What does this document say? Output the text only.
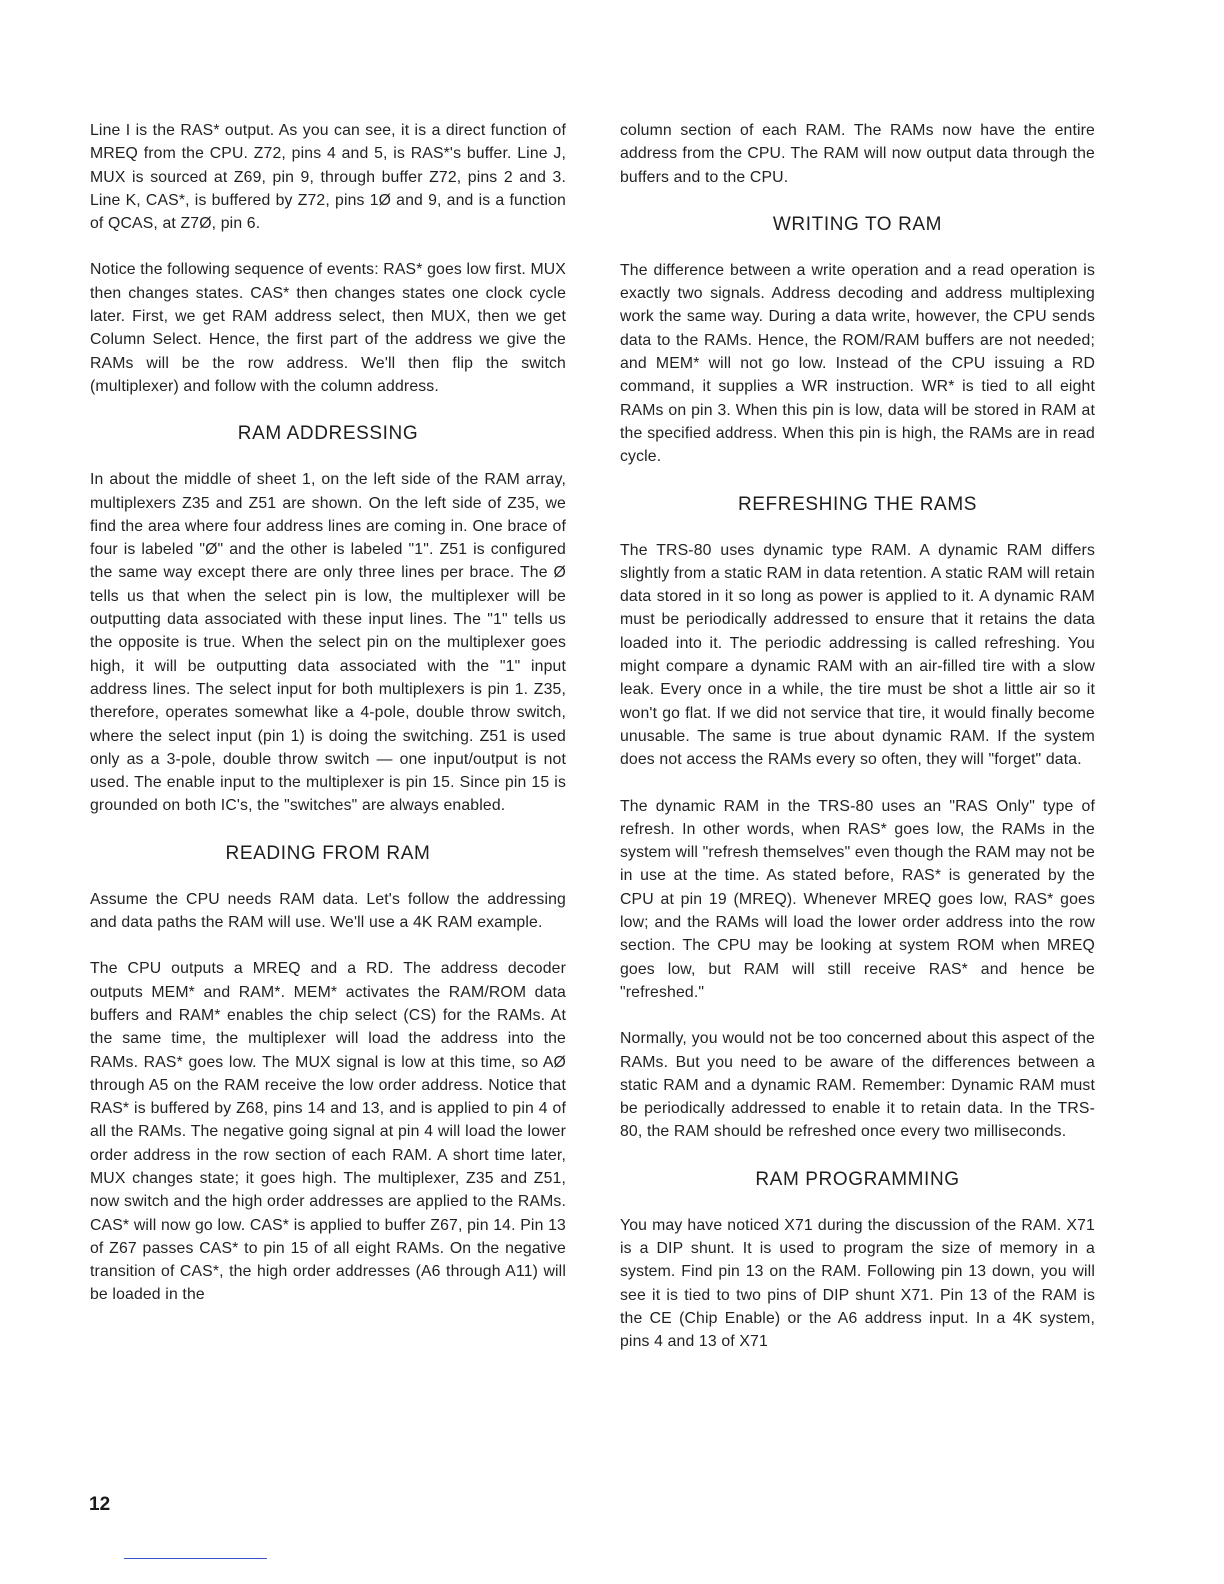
Line I is the RAS* output. As you can see, it is a direct function of MREQ from the CPU. Z72, pins 4 and 5, is RAS*'s buffer. Line J, MUX is sourced at Z69, pin 9, through buffer Z72, pins 2 and 3. Line K, CAS*, is buffered by Z72, pins 1Ø and 9, and is a function of QCAS, at Z7Ø, pin 6.

Notice the following sequence of events: RAS* goes low first. MUX then changes states. CAS* then changes states one clock cycle later. First, we get RAM address select, then MUX, then we get Column Select. Hence, the first part of the address we give the RAMs will be the row address. We'll then flip the switch (multiplexer) and follow with the column address.

RAM ADDRESSING

In about the middle of sheet 1, on the left side of the RAM array, multiplexers Z35 and Z51 are shown. On the left side of Z35, we find the area where four address lines are coming in. One brace of four is labeled "Ø" and the other is labeled "1". Z51 is configured the same way except there are only three lines per brace. The Ø tells us that when the select pin is low, the multiplexer will be outputting data associated with these input lines. The "1" tells us the opposite is true. When the select pin on the multiplexer goes high, it will be outputting data associated with the "1" input address lines. The select input for both multiplexers is pin 1. Z35, therefore, operates somewhat like a 4-pole, double throw switch, where the select input (pin 1) is doing the switching. Z51 is used only as a 3-pole, double throw switch — one input/output is not used. The enable input to the multiplexer is pin 15. Since pin 15 is grounded on both IC's, the "switches" are always enabled.

READING FROM RAM

Assume the CPU needs RAM data. Let's follow the addressing and data paths the RAM will use. We'll use a 4K RAM example.

The CPU outputs a MREQ and a RD. The address decoder outputs MEM* and RAM*. MEM* activates the RAM/ROM data buffers and RAM* enables the chip select (CS) for the RAMs. At the same time, the multiplexer will load the address into the RAMs. RAS* goes low. The MUX signal is low at this time, so AØ through A5 on the RAM receive the low order address. Notice that RAS* is buffered by Z68, pins 14 and 13, and is applied to pin 4 of all the RAMs. The negative going signal at pin 4 will load the lower order address in the row section of each RAM. A short time later, MUX changes state; it goes high. The multiplexer, Z35 and Z51, now switch and the high order addresses are applied to the RAMs. CAS* will now go low. CAS* is applied to buffer Z67, pin 14. Pin 13 of Z67 passes CAS* to pin 15 of all eight RAMs. On the negative transition of CAS*, the high order addresses (A6 through A11) will be loaded in the

column section of each RAM. The RAMs now have the entire address from the CPU. The RAM will now output data through the buffers and to the CPU.

WRITING TO RAM

The difference between a write operation and a read operation is exactly two signals. Address decoding and address multiplexing work the same way. During a data write, however, the CPU sends data to the RAMs. Hence, the ROM/RAM buffers are not needed; and MEM* will not go low. Instead of the CPU issuing a RD command, it supplies a WR instruction. WR* is tied to all eight RAMs on pin 3. When this pin is low, data will be stored in RAM at the specified address. When this pin is high, the RAMs are in read cycle.

REFRESHING THE RAMS

The TRS-80 uses dynamic type RAM. A dynamic RAM differs slightly from a static RAM in data retention. A static RAM will retain data stored in it so long as power is applied to it. A dynamic RAM must be periodically addressed to ensure that it retains the data loaded into it. The periodic addressing is called refreshing. You might compare a dynamic RAM with an air-filled tire with a slow leak. Every once in a while, the tire must be shot a little air so it won't go flat. If we did not service that tire, it would finally become unusable. The same is true about dynamic RAM. If the system does not access the RAMs every so often, they will "forget" data.

The dynamic RAM in the TRS-80 uses an "RAS Only" type of refresh. In other words, when RAS* goes low, the RAMs in the system will "refresh themselves" even though the RAM may not be in use at the time. As stated before, RAS* is generated by the CPU at pin 19 (MREQ). Whenever MREQ goes low, RAS* goes low; and the RAMs will load the lower order address into the row section. The CPU may be looking at system ROM when MREQ goes low, but RAM will still receive RAS* and hence be "refreshed."

Normally, you would not be too concerned about this aspect of the RAMs. But you need to be aware of the differences between a static RAM and a dynamic RAM. Remember: Dynamic RAM must be periodically addressed to enable it to retain data. In the TRS-80, the RAM should be refreshed once every two milliseconds.

RAM PROGRAMMING

You may have noticed X71 during the discussion of the RAM. X71 is a DIP shunt. It is used to program the size of memory in a system. Find pin 13 on the RAM. Following pin 13 down, you will see it is tied to two pins of DIP shunt X71. Pin 13 of the RAM is the CE (Chip Enable) or the A6 address input. In a 4K system, pins 4 and 13 of X71

12
